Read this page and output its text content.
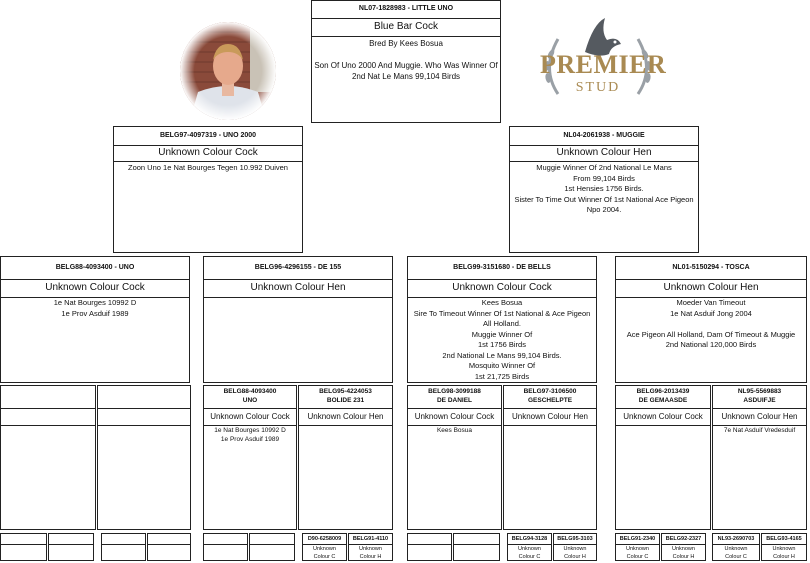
PREMIER
STUD
NL07-1828983 - LITTLE UNO
Blue Bar Cock
Bred By Kees Bosua

Son Of Uno 2000 And Muggie. Who Was Winner Of 2nd Nat Le Mans 99,104 Birds
BELG97-4097319 - UNO 2000
Unknown Colour Cock
Zoon Uno 1e Nat Bourges Tegen 10.992 Duiven
NL04-2061938 - MUGGIE
Unknown Colour Hen
Muggie Winner Of 2nd National Le Mans
From 99,104 Birds
1st Hensies 1756 Birds.
Sister To Time Out Winner Of 1st National Ace Pigeon Npo 2004.
BELG88-4093400 - UNO
Unknown Colour Cock
1e Nat Bourges 10992 D
1e Prov Asduif 1989
BELG96-4296155 - DE 155
Unknown Colour Hen
BELG99-3151680 - DE BELLS
Unknown Colour Cock
Kees Bosua
Sire To Timeout Winner Of 1st National & Ace Pigeon All Holland.
Muggie Winner Of
1st 1756 Birds
2nd National Le Mans 99,104 Birds.
Mosquito Winner Of
1st 21,725 Birds
NL01-5150294 - TOSCA
Unknown Colour Hen
Moeder Van Timeout
1e Nat Asduif Jong 2004

Ace Pigeon All Holland, Dam Of Timeout & Muggie
2nd National 120,000 Birds
BELG88-4093400
UNO
Unknown Colour Cock
1e Nat Bourges 10992 D
1e Prov Asduif 1989
BELG95-4224053
BOLIDE 231
Unknown Colour Hen
BELG98-3099188
DE DANIEL
Unknown Colour Cock
Kees Bosua
BELG97-3106500
GESCHELPTE
Unknown Colour Hen
BELG96-2013439
DE GEMAASDE
Unknown Colour Cock
NL95-5569883
ASDUIFJE
Unknown Colour Hen
7e Nat Asduif Vredesduif
D90-6258009
Unknown
Colour C
BELG91-4110
Unknown
Colour H
BELG94-3128
Unknown
Colour C
BELG95-3103
Unknown
Colour H
BELG91-2340
Unknown
Colour C
BELG92-2327
Unknown
Colour H
NL93-2690703
Unknown
Colour C
BELG93-4165
Unknown
Colour H
